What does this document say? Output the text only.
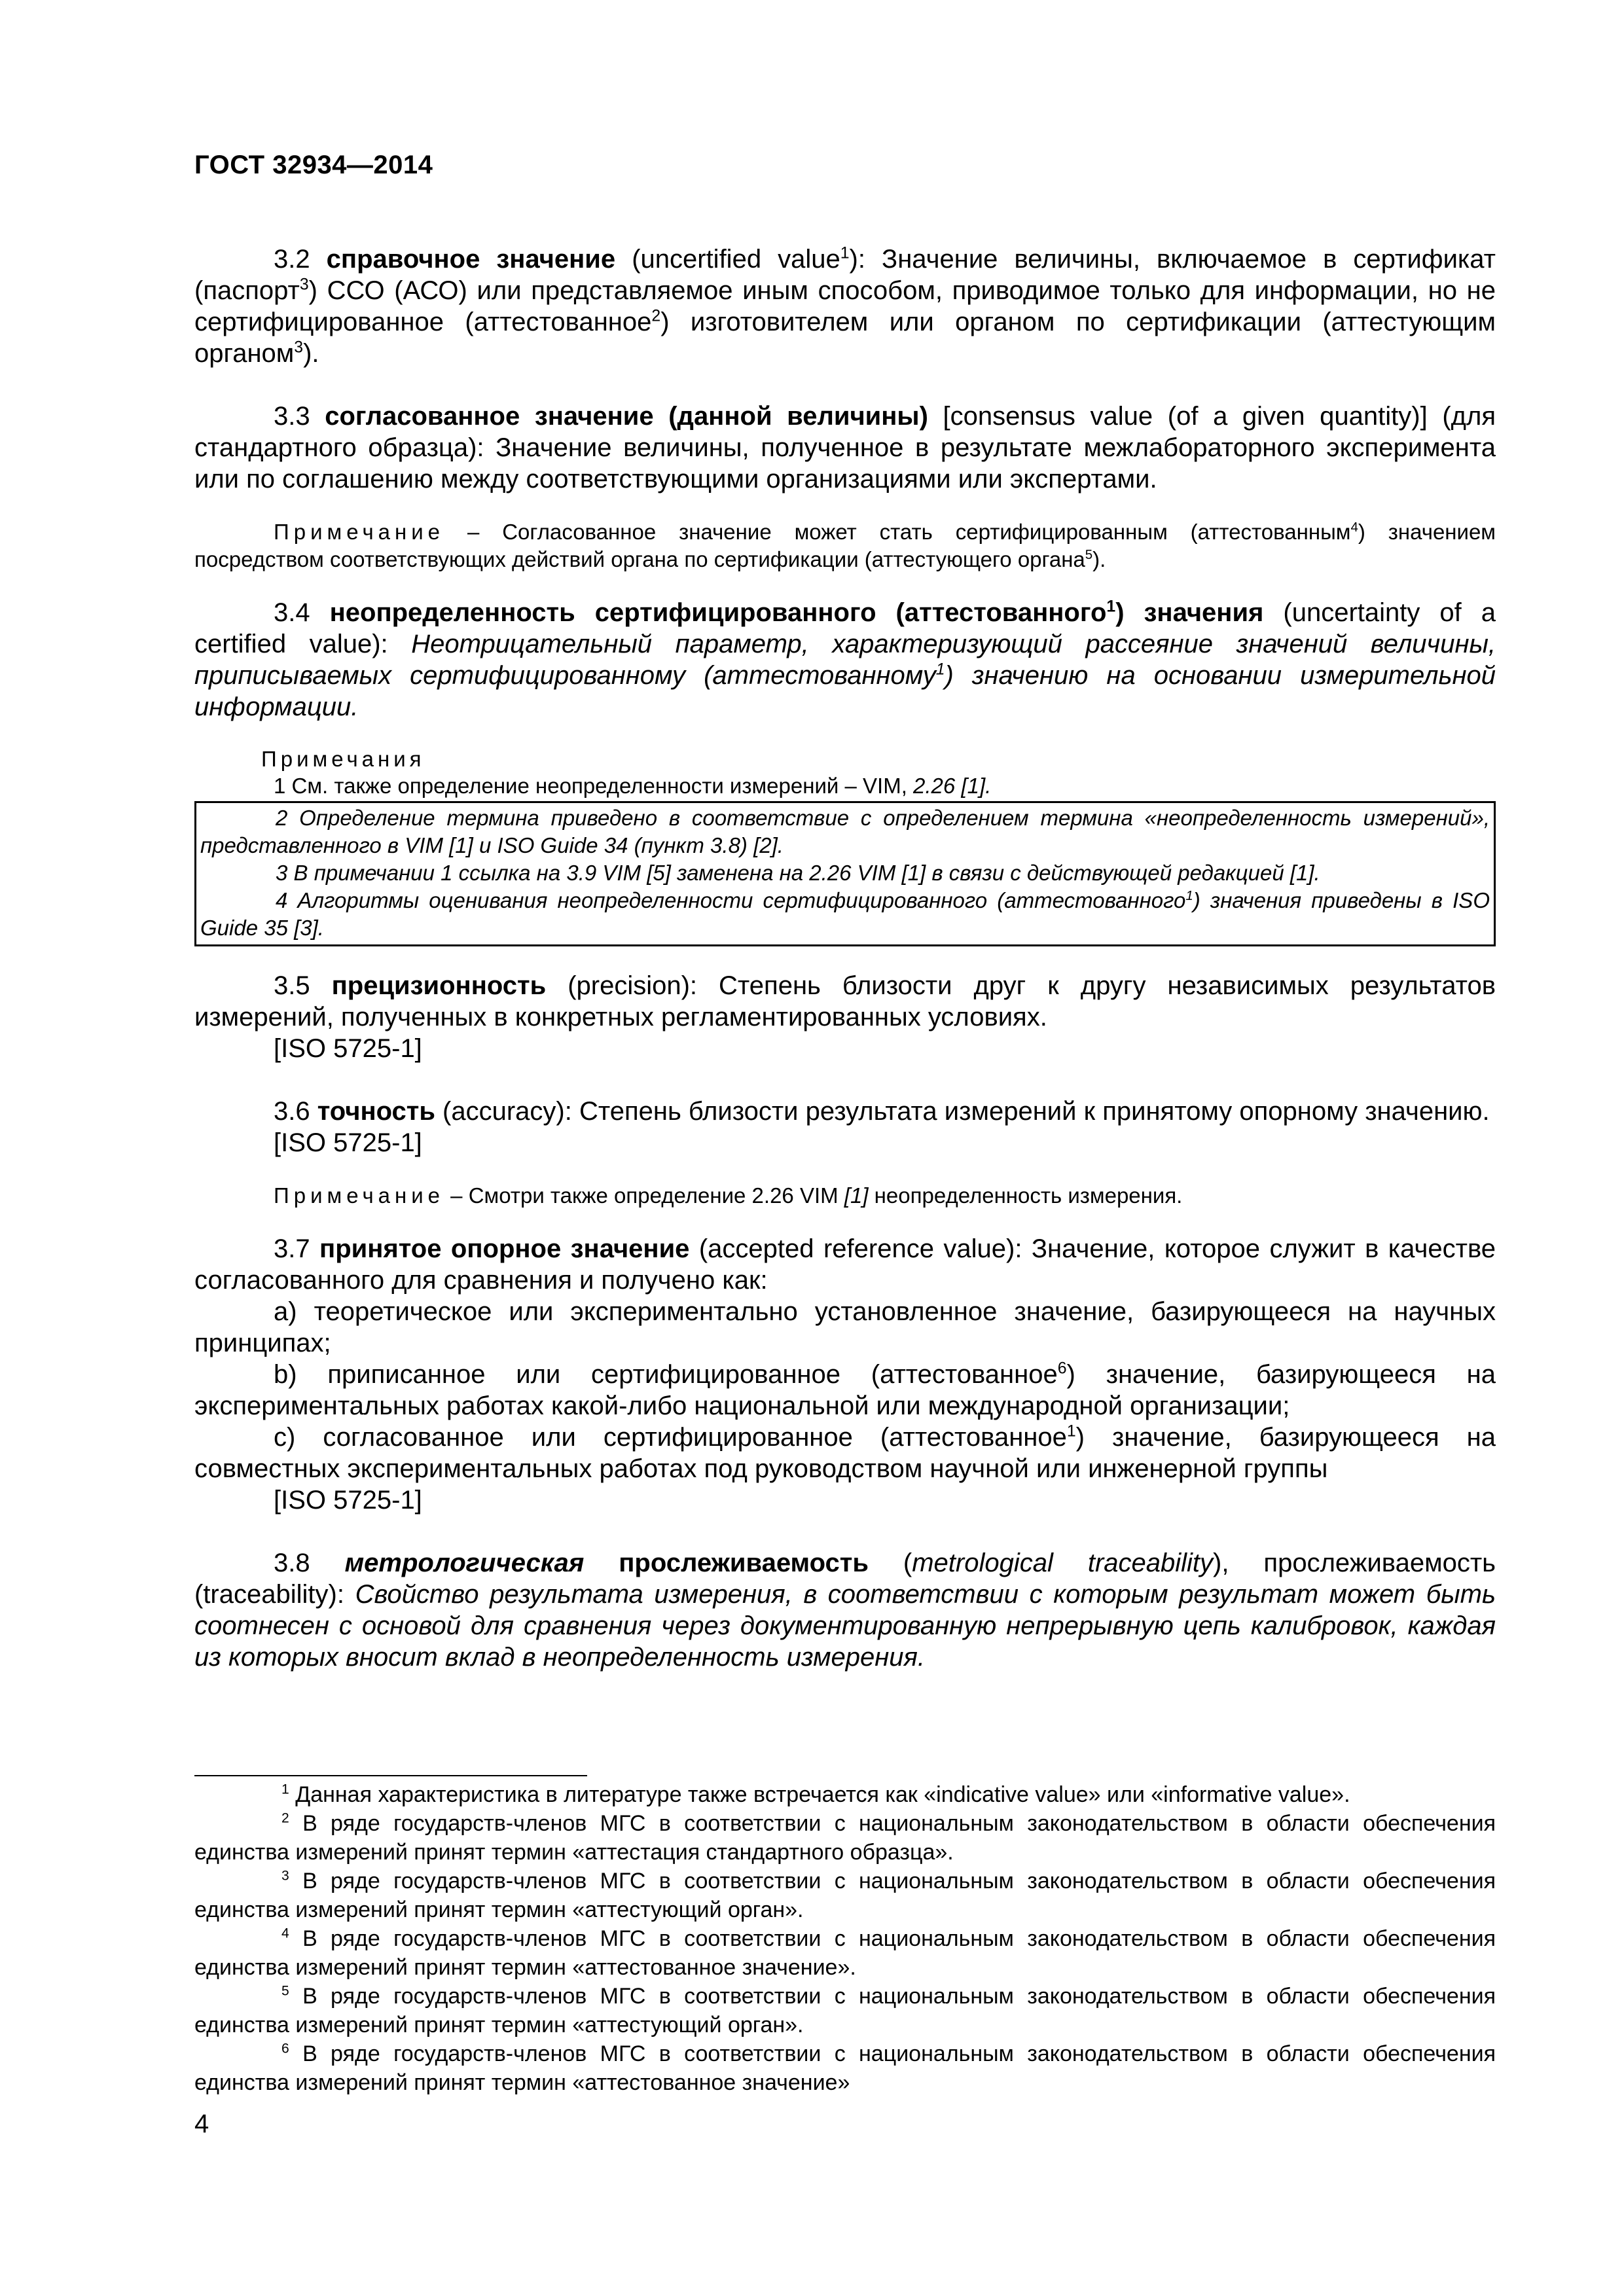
ГОСТ 32934—2014

3.2 справочное значение (uncertified value$^1$): Значение величины, включаемое в сертификат (паспорт$^3$) ССО (АСО) или представляемое иным способом, приводимое только для информации, но не сертифицированное (аттестованное$^2$) изготовителем или органом по сертификации (аттестующим органом$^3$).

3.3 согласованное значение (данной величины) [consensus value (of a given quantity)] (для стандартного образца): Значение величины, полученное в результате межлабораторного эксперимента или по соглашению между соответствующими организациями или экспертами.

Примечание – Согласованное значение может стать сертифицированным (аттестованным$^4$) значением посредством соответствующих действий органа по сертификации (аттестующего органа$^5$).

3.4 неопределенность сертифицированного (аттестованного$^1$) значения (uncertainty of a certified value): Неотрицательный параметр, характеризующий рассеяние значений величины, приписываемых сертифицированному (аттестованному$^1$) значению на основании измерительной информации.

Примечания

1 См. также определение неопределенности измерений – VIM, 2.26 [1].

2 Определение термина приведено в соответствие с определением термина «неопределенность измерений», представленного в VIM [1] и ISO Guide 34 (пункт 3.8) [2].

3 В примечании 1 ссылка на 3.9 VIM [5] заменена на 2.26 VIM [1] в связи с действующей редакцией [1].

4 Алгоритмы оценивания неопределенности сертифицированного (аттестованного$^1$) значения приведены в ISO Guide 35 [3].

3.5 прецизионность (precision): Степень близости друг к другу независимых результатов измерений, полученных в конкретных регламентированных условиях.

[ISO 5725-1]

3.6 точность (accuracy): Степень близости результата измерений к принятому опорному значению.

[ISO 5725-1]

Примечание – Смотри также определение 2.26 VIM [1] неопределенность измерения.

3.7 принятое опорное значение (accepted reference value): Значение, которое служит в качестве согласованного для сравнения и получено как:

а) теоретическое или экспериментально установленное значение, базирующееся на научных принципах;

b) приписанное или сертифицированное (аттестованное$^6$) значение, базирующееся на экспериментальных работах какой-либо национальной или международной организации;

с) согласованное или сертифицированное (аттестованное$^1$) значение, базирующееся на совместных экспериментальных работах под руководством научной или инженерной группы

[ISO 5725-1]

3.8 метрологическая прослеживаемость (metrological traceability), прослеживаемость (traceability): Свойство результата измерения, в соответствии с которым результат может быть соотнесен с основой для сравнения через документированную непрерывную цепь калибровок, каждая из которых вносит вклад в неопределенность измерения.

$^1$ Данная характеристика в литературе также встречается как «indicative value» или «informative value».

$^2$ В ряде государств-членов МГС в соответствии с национальным законодательством в области обеспечения единства измерений принят термин «аттестация стандартного образца».

$^3$ В ряде государств-членов МГС в соответствии с национальным законодательством в области обеспечения единства измерений принят термин «аттестующий орган».

$^4$ В ряде государств-членов МГС в соответствии с национальным законодательством в области обеспечения единства измерений принят термин «аттестованное значение».

$^5$ В ряде государств-членов МГС в соответствии с национальным законодательством в области обеспечения единства измерений принят термин «аттестующий орган».

$^6$ В ряде государств-членов МГС в соответствии с национальным законодательством в области обеспечения единства измерений принят термин «аттестованное значение»

4
